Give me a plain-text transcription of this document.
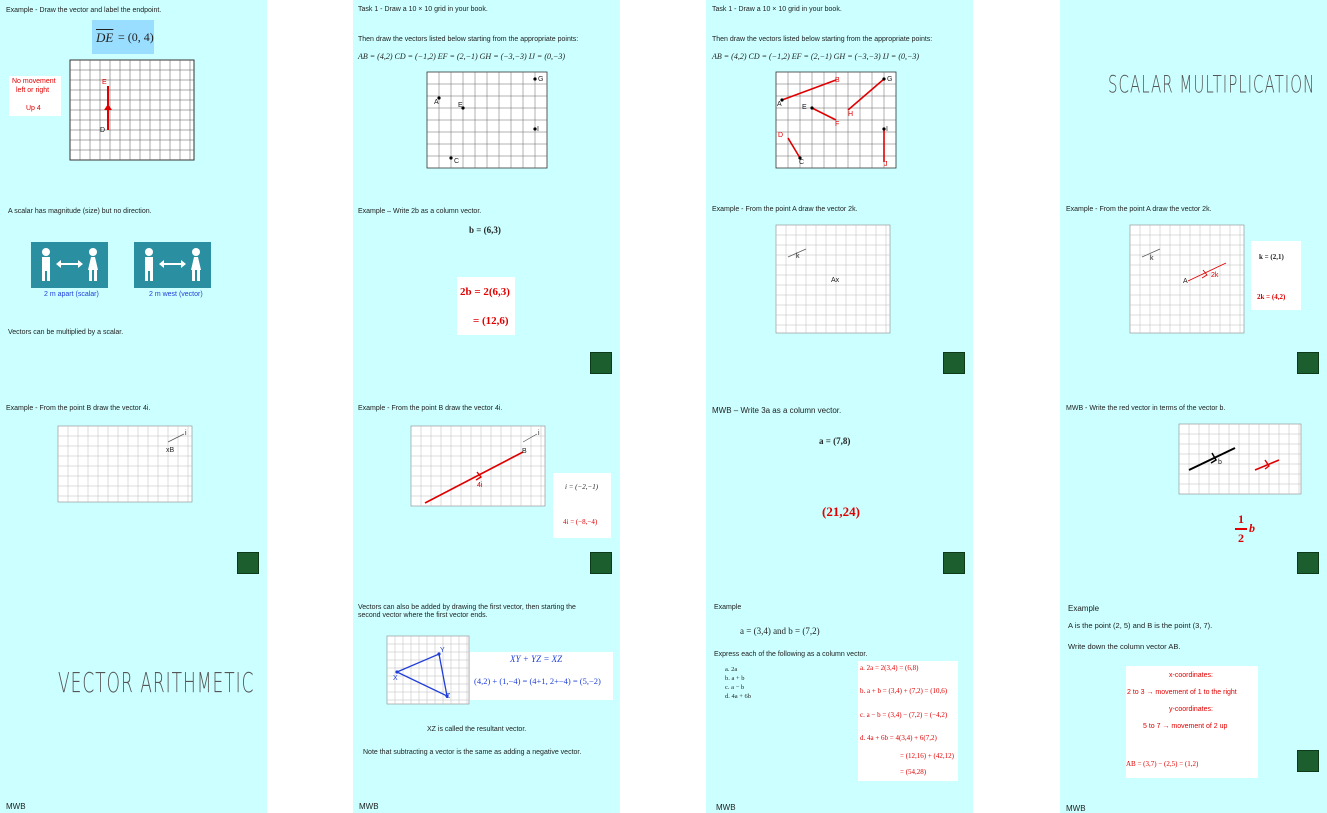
Example - Draw the vector and label the endpoint.
$\overline{DE} = (0$, 4)
No movement
left or right
Up 4
E
D
A scalar has magnitude (size) but no direction.
2 m apart (scalar)	2 m west (vector)
Vectors can be multiplied by a scalar.
Example - From the point B draw the vector 4i.
i
xB
VECTOR ARITHMETIC
MWB
Task 1 - Draw a 10 × 10 grid in your book.
Then draw the vectors listed below starting from the appropriate points:
AB = (4,2) CD = (−1,2) EF = (2,−1) GH = (−3,−3) IJ = (0,−3)
G
A	E
I
C
Example – Write 2b as a column vector.
b = (6,3)
2b = 2(6,3)
= (12,6)
Example - From the point B draw the vector 4i.
i
B
4i	i = (−2,−1)
4i = (−8,−4)
Vectors can also be added by drawing the first vector, then starting the
second vector where the first vector ends.
Y
X
Z
XY + YZ = XZ
(4,2) + (1,−4) = (4+1, 2+−4) = (5,−2)
XZ is called the resultant vector.
Note that subtracting a vector is the same as adding a negative vector.
MWB
Task 1 - Draw a 10 × 10 grid in your book.
Then draw the vectors listed below starting from the appropriate points:
AB = (4,2) CD = (−1,2) EF = (2,−1) GH = (−3,−3) IJ = (0,−3)
B	G
A	E
H
F
D
I
C	J
Example - From the point A draw the vector 2k.
k
Ax
MWB – Write 3a as a column vector.
a = (7,8)
(21,24)
Example
a = (3,4) and b = (7,2)
Express each of the following as a column vector.
a. 2a
b. a + b
c. a − b
d. 4a + 6b
a. 2a = 2(3,4) = (6,8)
b. a + b = (3,4) + (7,2) = (10,6)
c. a − b = (3,4) − (7,2) = (−4,2)
d. 4a + 6b = 4(3,4) + 6(7,2)
= (12,16) + (42,12)
= (54,28)
MWB
SCALAR MULTIPLICATION
Example - From the point A draw the vector 2k.
k
A
2k
k = (2,1)
2k = (4,2)
MWB - Write the red vector in terms of the vector b.
b
1
2
b
Example
A is the point (2, 5) and B is the point (3, 7).
Write down the column vector AB.
x-coordinates:
2 to 3 → movement of 1 to the right
y-coordinates:
5 to 7 → movement of 2 up
AB = (3,7) − (2,5) = (1,2)
MWB
